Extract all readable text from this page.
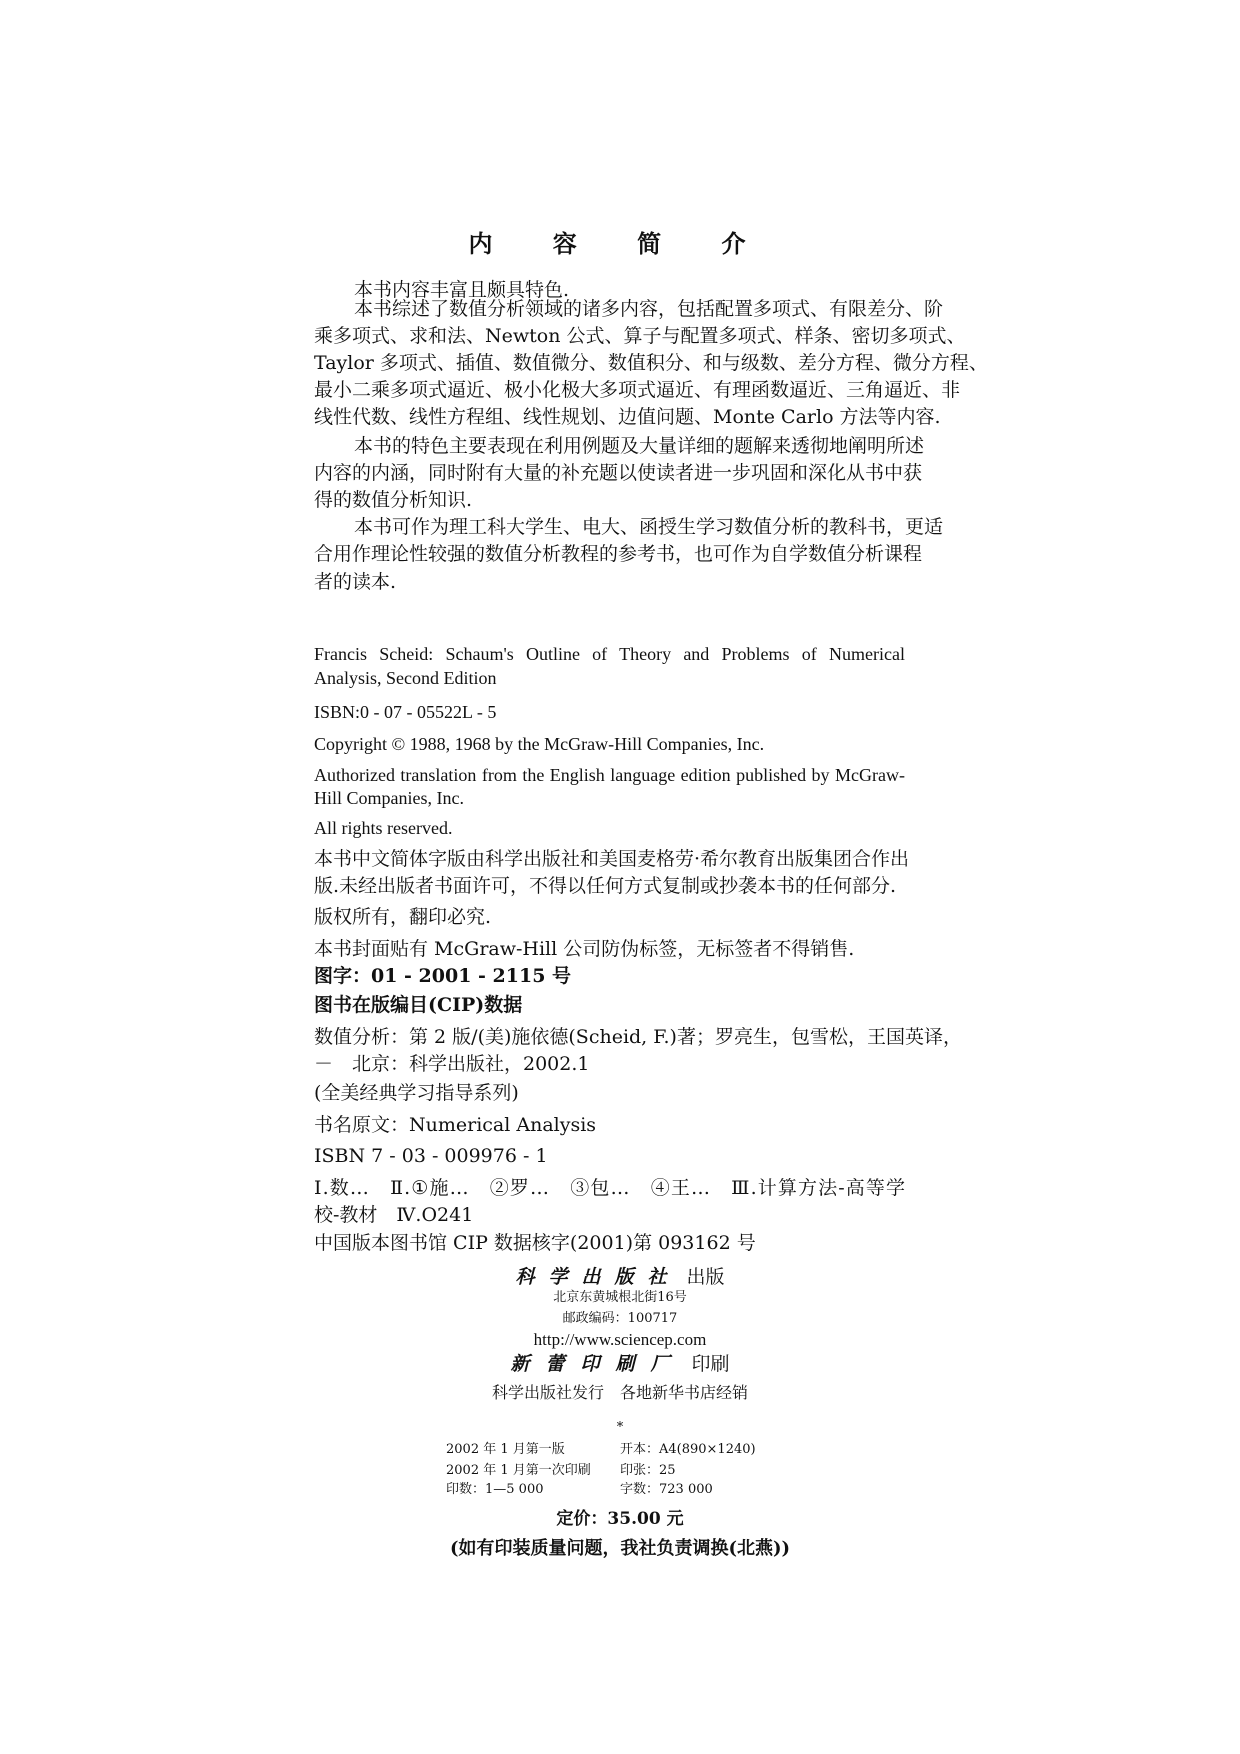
内 容 简 介
本书内容丰富且颇具特色.
本书综述了数值分析领域的诸多内容，包括配置多项式、有限差分、阶
乘多项式、求和法、Newton 公式、算子与配置多项式、样条、密切多项式、
Taylor 多项式、插值、数值微分、数值积分、和与级数、差分方程、微分方程、
最小二乘多项式逼近、极小化极大多项式逼近、有理函数逼近、三角逼近、非
线性代数、线性方程组、线性规划、边值问题、Monte Carlo 方法等内容.
本书的特色主要表现在利用例题及大量详细的题解来透彻地阐明所述
内容的内涵，同时附有大量的补充题以使读者进一步巩固和深化从书中获
得的数值分析知识.
本书可作为理工科大学生、电大、函授生学习数值分析的教科书，更适
合用作理论性较强的数值分析教程的参考书，也可作为自学数值分析课程
者的读本.
Francis Scheid: Schaum's Outline of Theory and Problems of Numerical
Analysis, Second Edition
ISBN:0 - 07 - 05522L - 5
Copyright © 1988, 1968 by the McGraw-Hill Companies, Inc.
Authorized translation from the English language edition published by McGraw-
Hill Companies, Inc.
All rights reserved.
本书中文简体字版由科学出版社和美国麦格劳·希尔教育出版集团合作出
版.未经出版者书面许可，不得以任何方式复制或抄袭本书的任何部分.
版权所有，翻印必究.
本书封面贴有 McGraw-Hill 公司防伪标签，无标签者不得销售.
图字：01 - 2001 - 2115 号
图书在版编目(CIP)数据
数值分析：第 2 版/(美)施依德(Scheid, F.)著；罗亮生，包雪松，王国英译，
－　北京：科学出版社，2002.1
(全美经典学习指导系列)
书名原文：Numerical Analysis
ISBN 7 - 03 - 009976 - 1
Ⅰ.数…　Ⅱ.①施…　②罗…　③包…　④王…　Ⅲ.计算方法-高等学
校-教材　Ⅳ.O241
中国版本图书馆 CIP 数据核字(2001)第 093162 号
科学出版社 出版
北京东黄城根北街16号
邮政编码：100717
http://www.sciencep.com
新蕾印刷厂 印刷
科学出版社发行　各地新华书店经销
*
2002 年 1 月第一版	开本：A4(890×1240)
2002 年 1 月第一次印刷 印张：25
印数：1—5 000	字数：723 000
定价：35.00 元
(如有印装质量问题，我社负责调换(北燕))
